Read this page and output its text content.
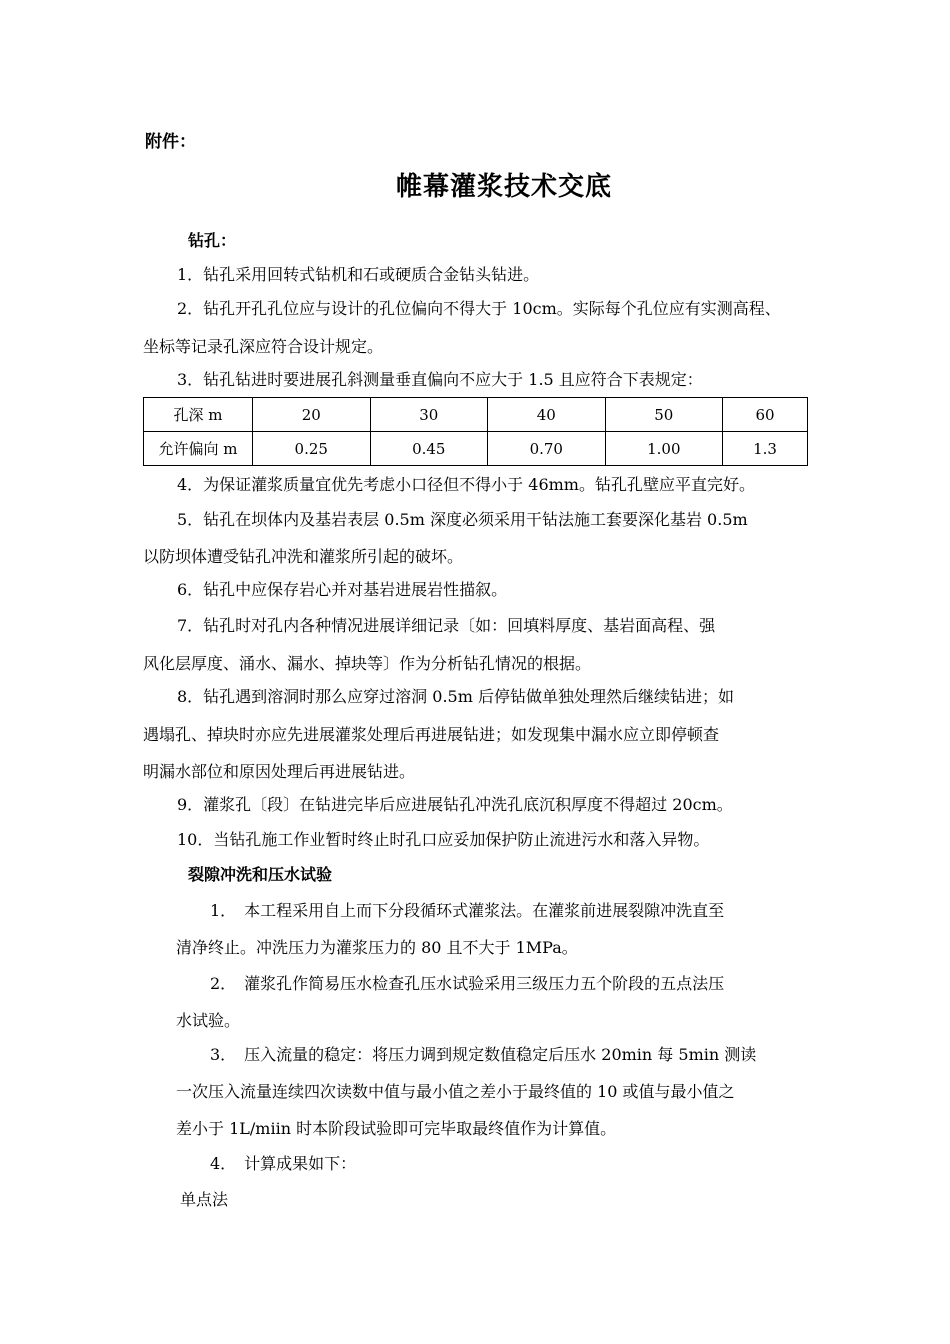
附件：
帷幕灌浆技术交底
钻孔：
1．钻孔采用回转式钻机和石或硬质合金钻头钻进。
2．钻孔开孔孔位应与设计的孔位偏向不得大于 10cm。实际每个孔位应有实测高程、
坐标等记录孔深应符合设计规定。
3．钻孔钻进时要进展孔斜测量垂直偏向不应大于 1.5 且应符合下表规定：
孔深 m	20	30	40	50	60
允许偏向 m	0.25	0.45	0.70	1.00	1.3
4．为保证灌浆质量宜优先考虑小口径但不得小于 46mm。钻孔孔壁应平直完好。
5．钻孔在坝体内及基岩表层 0.5m 深度必须采用干钻法施工套要深化基岩 0.5m
以防坝体遭受钻孔冲洗和灌浆所引起的破坏。
6．钻孔中应保存岩心并对基岩进展岩性描叙。
7．钻孔时对孔内各种情况进展详细记录〔如：回填料厚度、基岩面高程、强
风化层厚度、涌水、漏水、掉块等〕作为分析钻孔情况的根据。
8．钻孔遇到溶洞时那么应穿过溶洞 0.5m 后停钻做单独处理然后继续钻进；如
遇塌孔、掉块时亦应先进展灌浆处理后再进展钻进；如发现集中漏水应立即停顿查
明漏水部位和原因处理后再进展钻进。
9．灌浆孔〔段〕在钻进完毕后应进展钻孔冲洗孔底沉积厚度不得超过 20cm。
10．当钻孔施工作业暂时终止时孔口应妥加保护防止流进污水和落入异物。
裂隙冲洗和压水试验
1．　本工程采用自上而下分段循环式灌浆法。在灌浆前进展裂隙冲洗直至
清净终止。冲洗压力为灌浆压力的 80 且不大于 1MPa。
2．　灌浆孔作简易压水检查孔压水试验采用三级压力五个阶段的五点法压
水试验。
3．　压入流量的稳定：将压力调到规定数值稳定后压水 20min 每 5min 测读
一次压入流量连续四次读数中值与最小值之差小于最终值的 10 或值与最小值之
差小于 1L/miin 时本阶段试验即可完毕取最终值作为计算值。
4．　计算成果如下：
单点法
